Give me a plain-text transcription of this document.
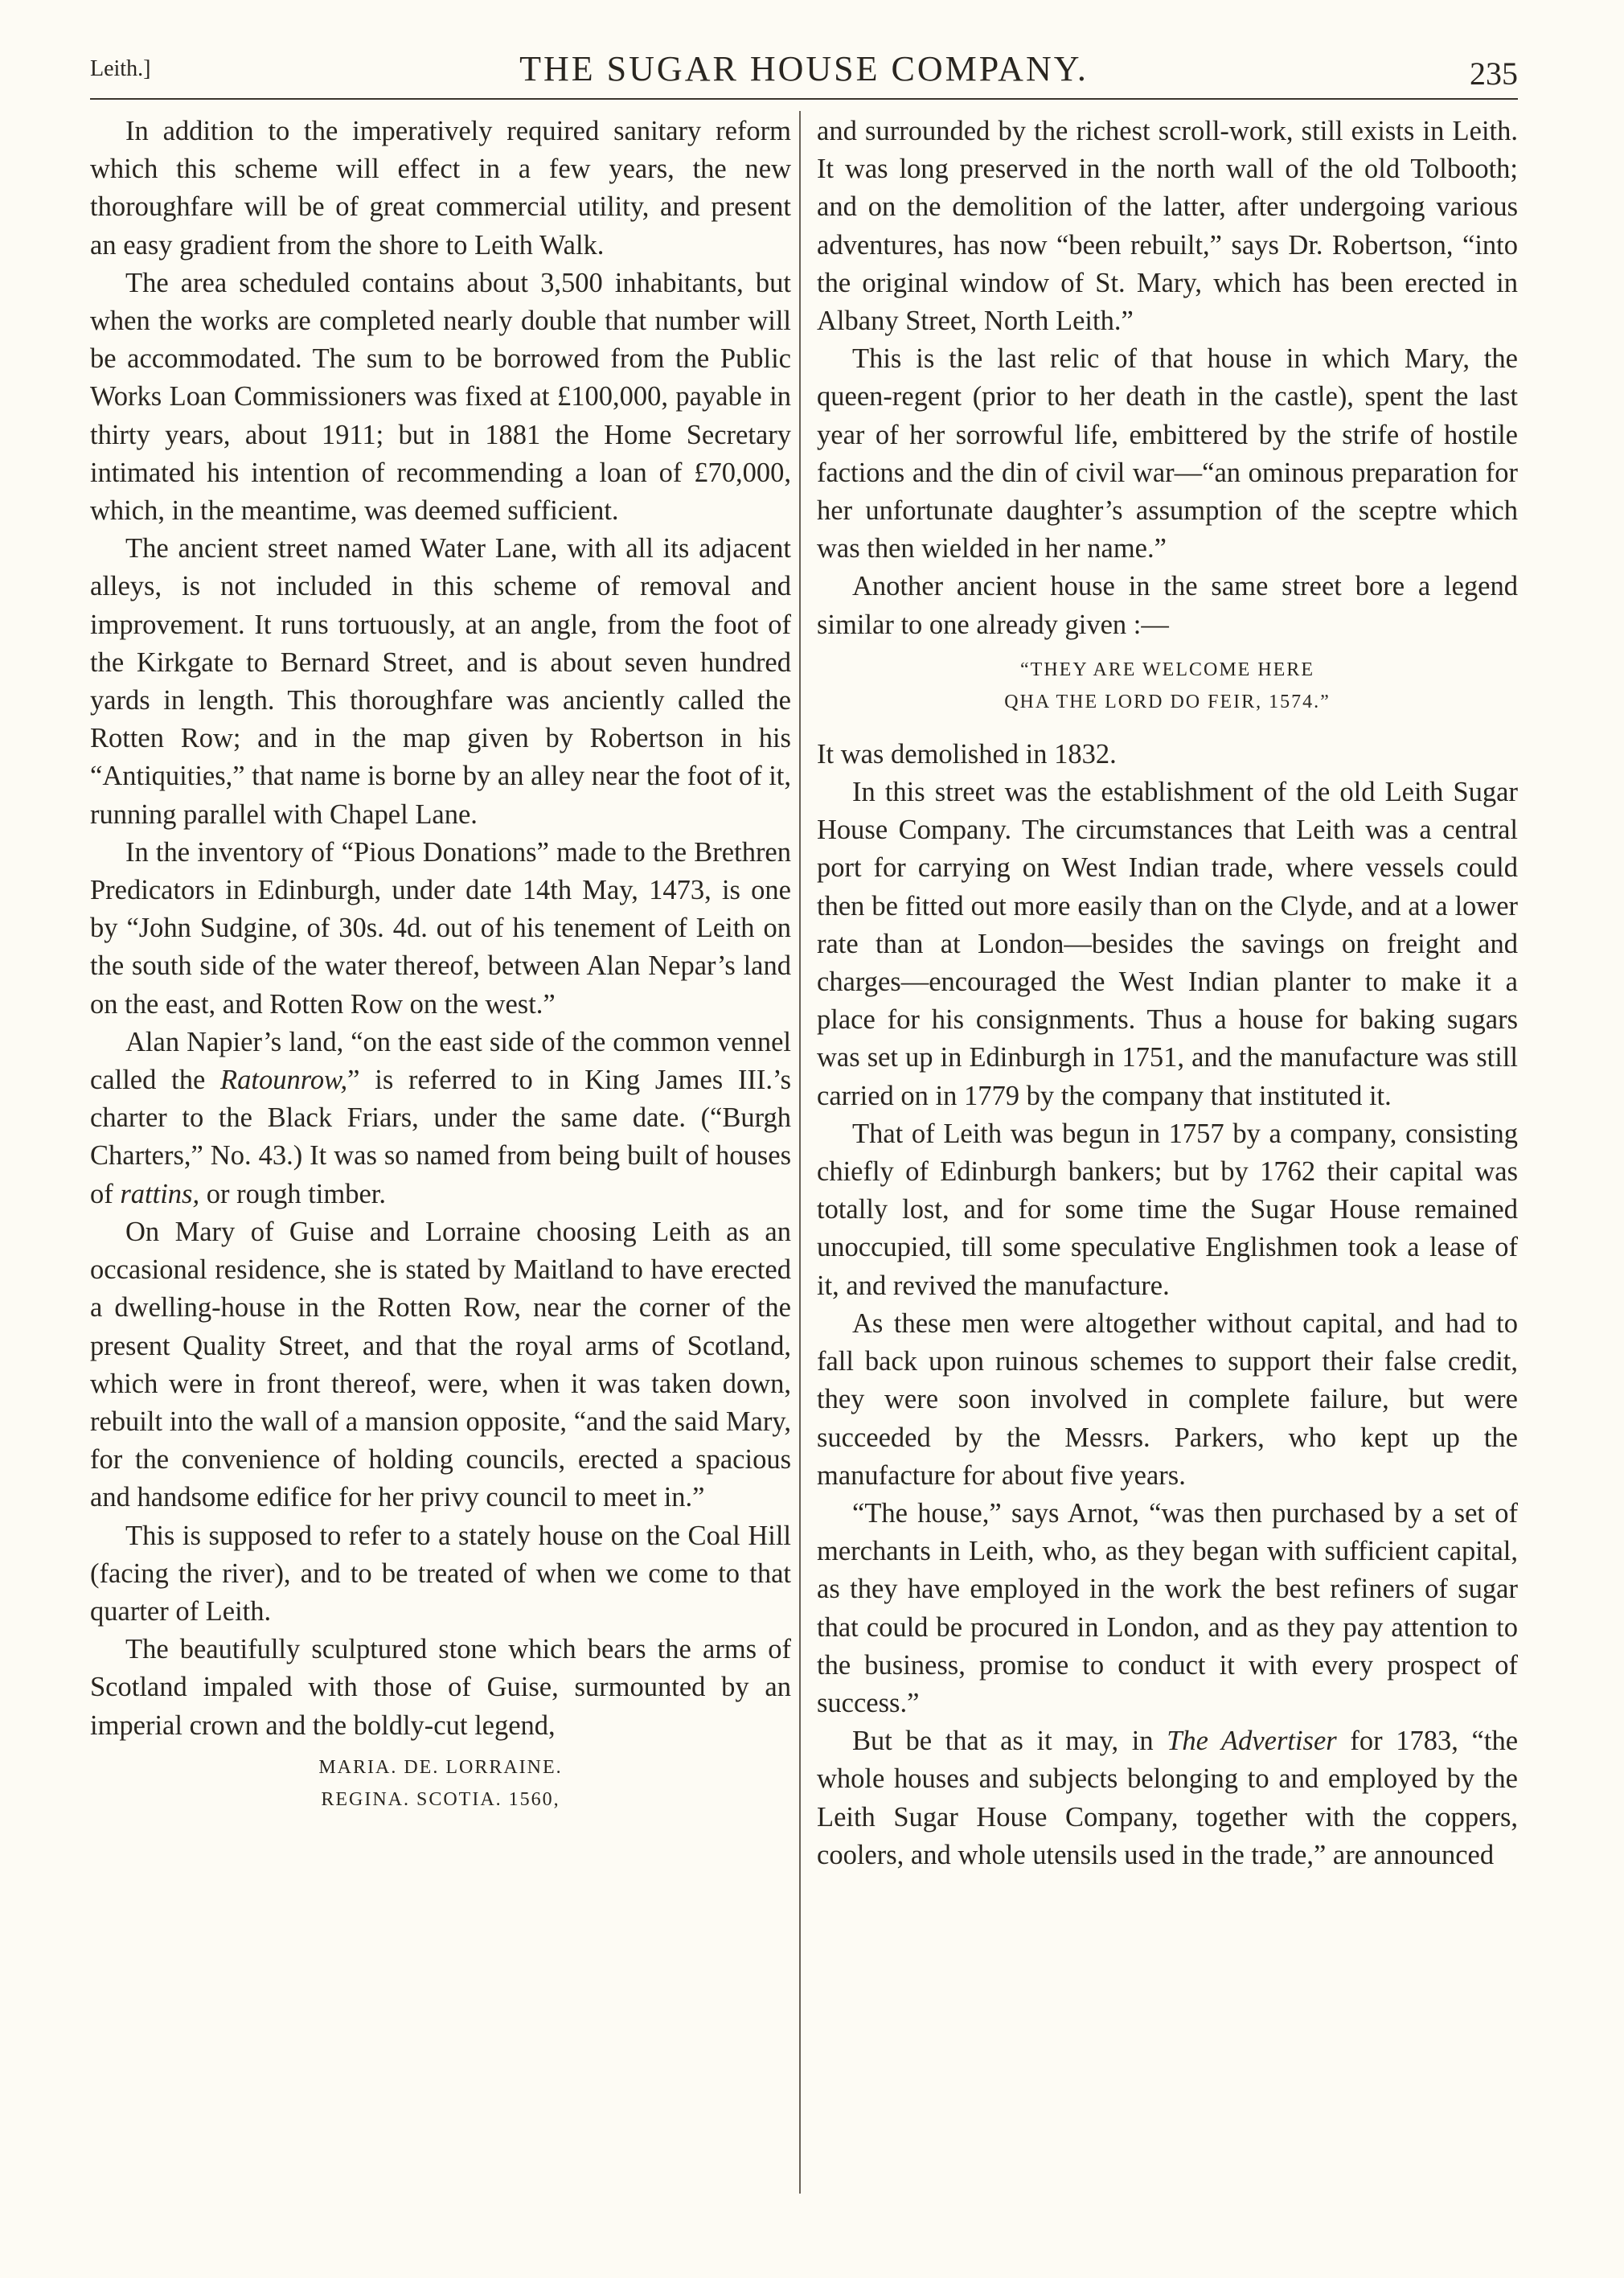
Leith.]	THE SUGAR HOUSE COMPANY.	235

In addition to the imperatively required sanitary reform which this scheme will effect in a few years, the new thoroughfare will be of great commercial utility, and present an easy gradient from the shore to Leith Walk.

The area scheduled contains about 3,500 inhabitants, but when the works are completed nearly double that number will be accommodated. The sum to be borrowed from the Public Works Loan Commissioners was fixed at £100,000, payable in thirty years, about 1911; but in 1881 the Home Secretary intimated his intention of recommending a loan of £70,000, which, in the meantime, was deemed sufficient.

The ancient street named Water Lane, with all its adjacent alleys, is not included in this scheme of removal and improvement. It runs tortuously, at an angle, from the foot of the Kirkgate to Bernard Street, and is about seven hundred yards in length. This thoroughfare was anciently called the Rotten Row; and in the map given by Robertson in his “Antiquities,” that name is borne by an alley near the foot of it, running parallel with Chapel Lane.

In the inventory of “Pious Donations” made to the Brethren Predicators in Edinburgh, under date 14th May, 1473, is one by “John Sudgine, of 30s. 4d. out of his tenement of Leith on the south side of the water thereof, between Alan Nepar’s land on the east, and Rotten Row on the west.”

Alan Napier’s land, “on the east side of the common vennel called the Ratounrow,” is referred to in King James III.’s charter to the Black Friars, under the same date. (“Burgh Charters,” No. 43.) It was so named from being built of houses of rattins, or rough timber.

On Mary of Guise and Lorraine choosing Leith as an occasional residence, she is stated by Maitland to have erected a dwelling-house in the Rotten Row, near the corner of the present Quality Street, and that the royal arms of Scotland, which were in front thereof, were, when it was taken down, rebuilt into the wall of a mansion opposite, “and the said Mary, for the convenience of holding councils, erected a spacious and handsome edifice for her privy council to meet in.”

This is supposed to refer to a stately house on the Coal Hill (facing the river), and to be treated of when we come to that quarter of Leith.

The beautifully sculptured stone which bears the arms of Scotland impaled with those of Guise, surmounted by an imperial crown and the boldly-cut legend,

MARIA. DE. LORRAINE.
REGINA. SCOTIA. 1560,

and surrounded by the richest scroll-work, still exists in Leith. It was long preserved in the north wall of the old Tolbooth; and on the demolition of the latter, after undergoing various adventures, has now “been rebuilt,” says Dr. Robertson, “into the original window of St. Mary, which has been erected in Albany Street, North Leith.”

This is the last relic of that house in which Mary, the queen-regent (prior to her death in the castle), spent the last year of her sorrowful life, embittered by the strife of hostile factions and the din of civil war—“an ominous preparation for her unfortunate daughter’s assumption of the sceptre which was then wielded in her name.”

Another ancient house in the same street bore a legend similar to one already given :—

“THEY ARE WELCOME HERE
QHA THE LORD DO FEIR, 1574.”

It was demolished in 1832.

In this street was the establishment of the old Leith Sugar House Company. The circumstances that Leith was a central port for carrying on West Indian trade, where vessels could then be fitted out more easily than on the Clyde, and at a lower rate than at London—besides the savings on freight and charges—encouraged the West Indian planter to make it a place for his consignments. Thus a house for baking sugars was set up in Edinburgh in 1751, and the manufacture was still carried on in 1779 by the company that instituted it.

That of Leith was begun in 1757 by a company, consisting chiefly of Edinburgh bankers; but by 1762 their capital was totally lost, and for some time the Sugar House remained unoccupied, till some speculative Englishmen took a lease of it, and revived the manufacture.

As these men were altogether without capital, and had to fall back upon ruinous schemes to support their false credit, they were soon involved in complete failure, but were succeeded by the Messrs. Parkers, who kept up the manufacture for about five years.

“The house,” says Arnot, “was then purchased by a set of merchants in Leith, who, as they began with sufficient capital, as they have employed in the work the best refiners of sugar that could be procured in London, and as they pay attention to the business, promise to conduct it with every prospect of success.”

But be that as it may, in The Advertiser for 1783, “the whole houses and subjects belonging to and employed by the Leith Sugar House Company, together with the coppers, coolers, and whole utensils used in the trade,” are announced
